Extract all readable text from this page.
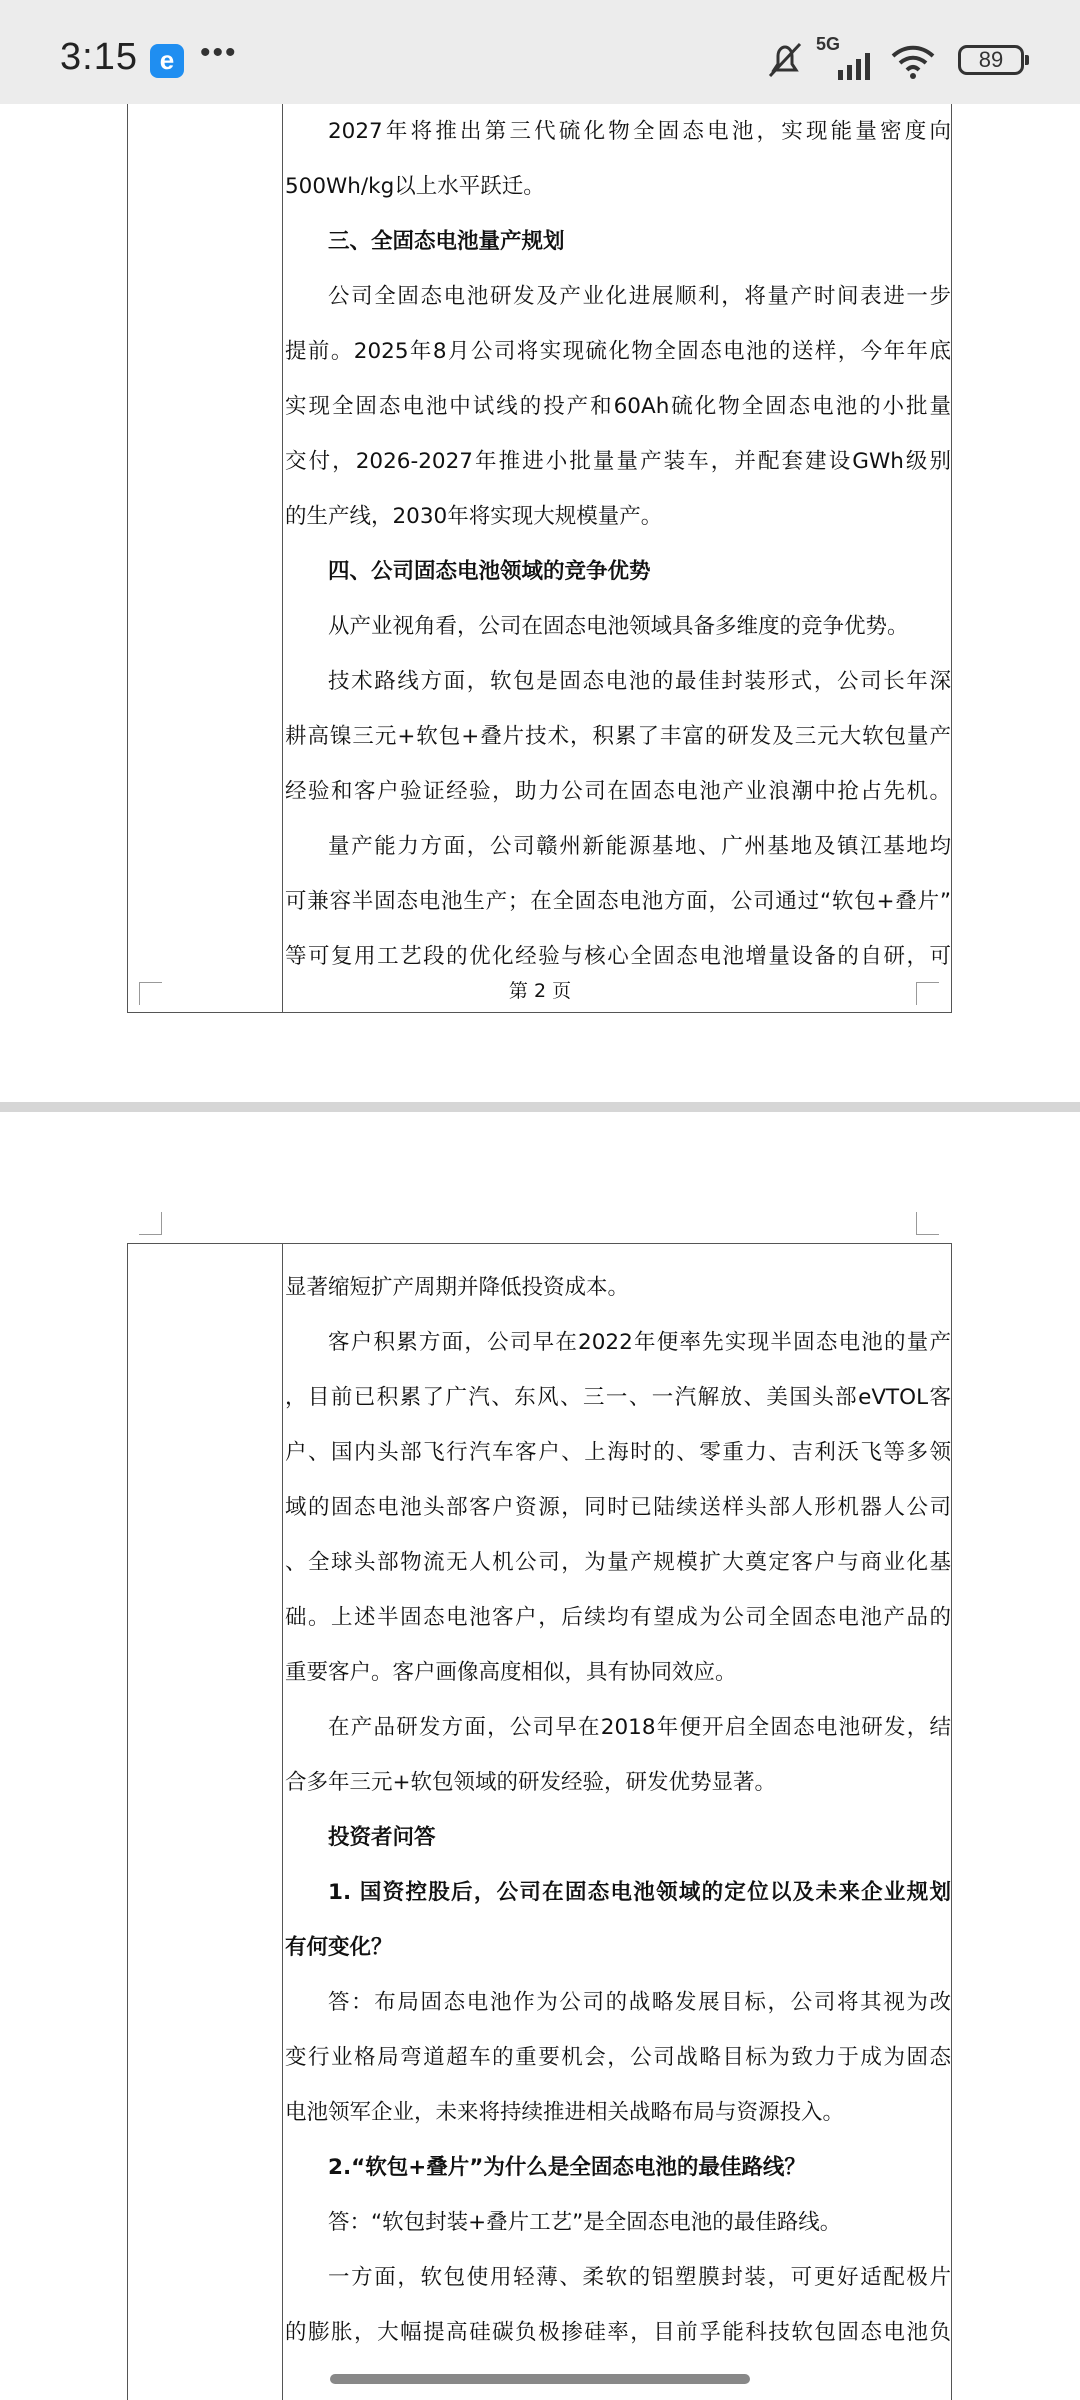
3:15 e •••	5G
89
2027年将推出第三代硫化物全固态电池，实现能量密度向
500Wh/kg以上水平跃迁。
三、全固态电池量产规划
公司全固态电池研发及产业化进展顺利，将量产时间表进一步
提前。2025年8月公司将实现硫化物全固态电池的送样，今年年底
实现全固态电池中试线的投产和60Ah硫化物全固态电池的小批量
交付，2026-2027年推进小批量量产装车，并配套建设GWh级别
的生产线，2030年将实现大规模量产。
四、公司固态电池领域的竞争优势
从产业视角看，公司在固态电池领域具备多维度的竞争优势。
技术路线方面，软包是固态电池的最佳封装形式，公司长年深
耕高镍三元+软包+叠片技术，积累了丰富的研发及三元大软包量产
经验和客户验证经验，助力公司在固态电池产业浪潮中抢占先机。
量产能力方面，公司赣州新能源基地、广州基地及镇江基地均
可兼容半固态电池生产；在全固态电池方面，公司通过“软包+叠片”
等可复用工艺段的优化经验与核心全固态电池增量设备的自研，可
第 2 页
显著缩短扩产周期并降低投资成本。
客户积累方面，公司早在2022年便率先实现半固态电池的量产
，目前已积累了广汽、东风、三一、一汽解放、美国头部eVTOL客
户、国内头部飞行汽车客户、上海时的、零重力、吉利沃飞等多领
域的固态电池头部客户资源，同时已陆续送样头部人形机器人公司
、全球头部物流无人机公司，为量产规模扩大奠定客户与商业化基
础。上述半固态电池客户，后续均有望成为公司全固态电池产品的
重要客户。客户画像高度相似，具有协同效应。
在产品研发方面，公司早在2018年便开启全固态电池研发，结
合多年三元+软包领域的研发经验，研发优势显著。
投资者问答
1. 国资控股后，公司在固态电池领域的定位以及未来企业规划
有何变化？
答：布局固态电池作为公司的战略发展目标，公司将其视为改
变行业格局弯道超车的重要机会，公司战略目标为致力于成为固态
电池领军企业，未来将持续推进相关战略布局与资源投入。
2.“软包+叠片”为什么是全固态电池的最佳路线？
答：“软包封装+叠片工艺”是全固态电池的最佳路线。
一方面，软包使用轻薄、柔软的铝塑膜封装，可更好适配极片
的膨胀，大幅提高硅碳负极掺硅率，目前孚能科技软包固态电池负
